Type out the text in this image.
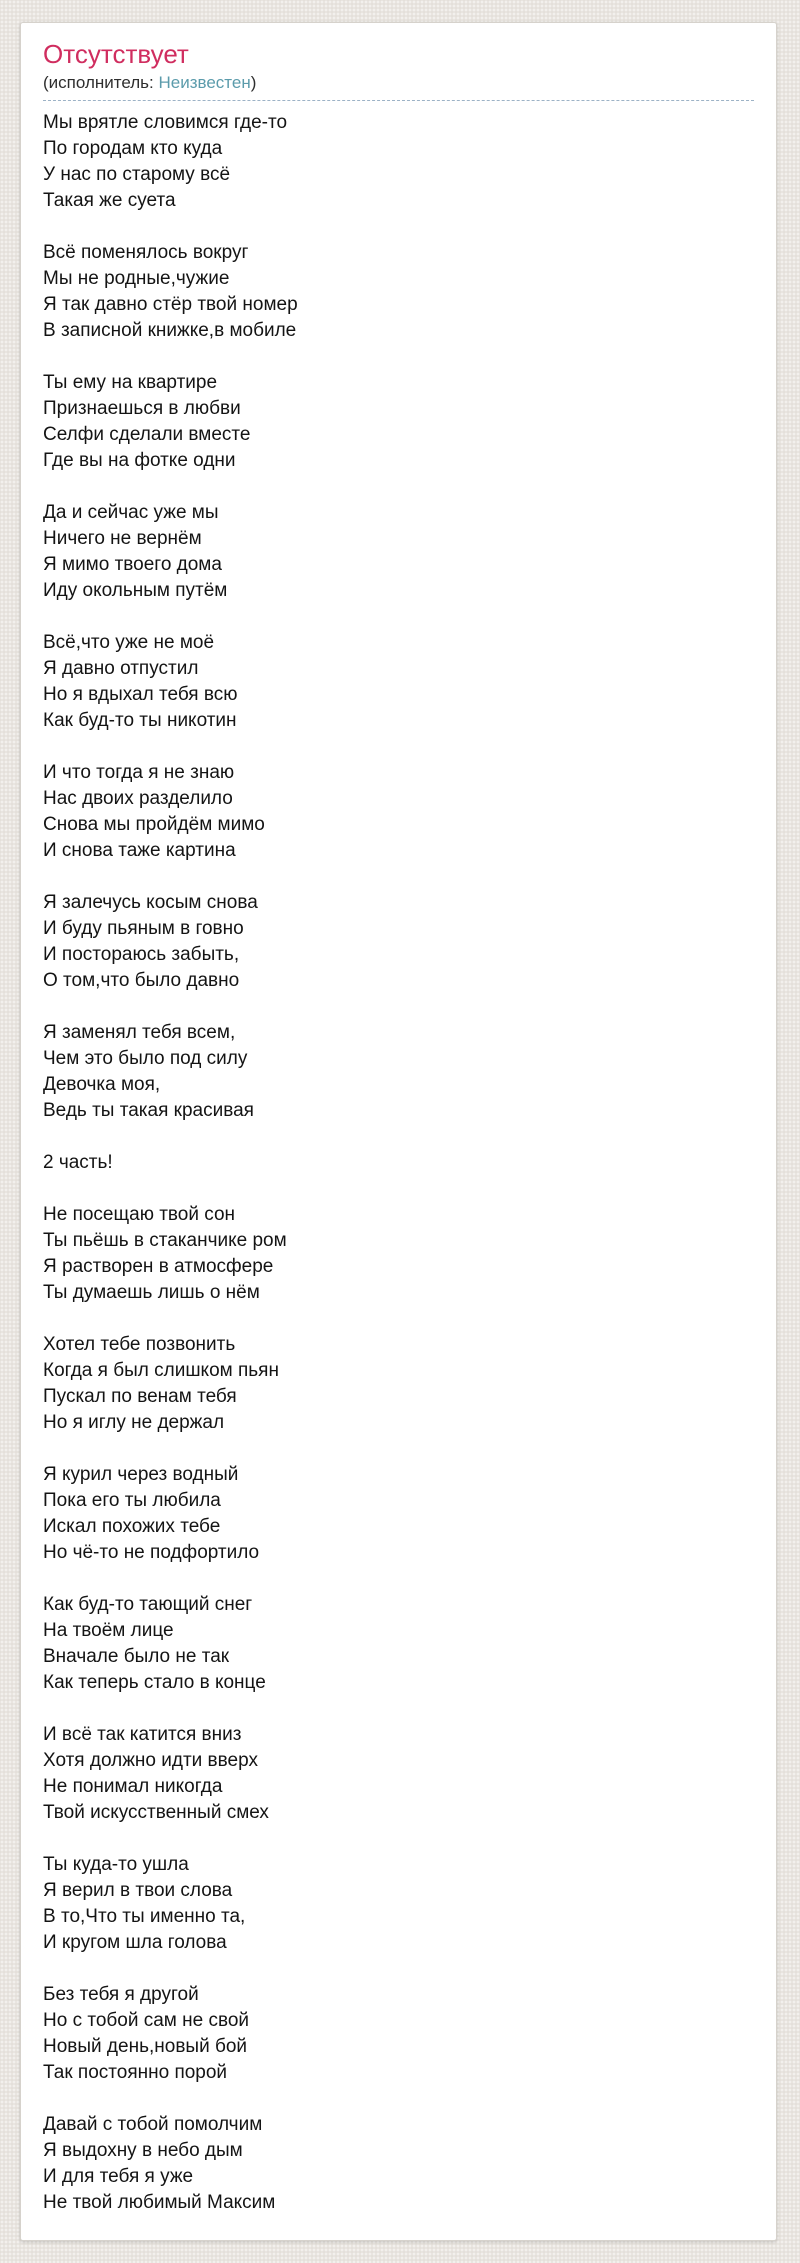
Отсутствует
(исполнитель: Неизвестен)
Мы врятле словимся где-то
По городам кто куда
У нас по старому всё
Такая же суета
Всё поменялось вокруг
Мы не родные,чужие
Я так давно стёр твой номер
В записной книжке,в мобиле
Ты ему на квартире
Признаешься в любви
Селфи сделали вместе
Где вы на фотке одни
Да и сейчас уже мы
Ничего не вернём
Я мимо твоего дома
Иду окольным путём
Всё,что уже не моё
Я давно отпустил
Но я вдыхал тебя всю
Как буд-то ты никотин
И что тогда я не знаю
Нас двоих разделило
Снова мы пройдём мимо
И снова таже картина
Я залечусь косым снова
И буду пьяным в говно
И постораюсь забыть,
О том,что было давно
Я заменял тебя всем,
Чем это было под силу
Девочка моя,
Ведь ты такая красивая
2 часть!
Не посещаю твой сон
Ты пьёшь в стаканчике ром
Я растворен в атмосфере
Ты думаешь лишь о нём
Хотел тебе позвонить
Когда я был слишком пьян
Пускал по венам тебя
Но я иглу не держал
Я курил через водный
Пока его ты любила
Искал похожих тебе
Но чё-то не подфортило
Как буд-то тающий снег
На твоём лице
Вначале было не так
Как теперь стало в конце
И всё так катится вниз
Хотя должно идти вверх
Не понимал никогда
Твой искусственный смех
Ты куда-то ушла
Я верил в твои слова
В то,Что ты именно та,
И кругом шла голова
Без тебя я другой
Но с тобой сам не свой
Новый день,новый бой
Так постоянно порой
Давай с тобой помолчим
Я выдохну в небо дым
И для тебя я уже
Не твой любимый Максим
